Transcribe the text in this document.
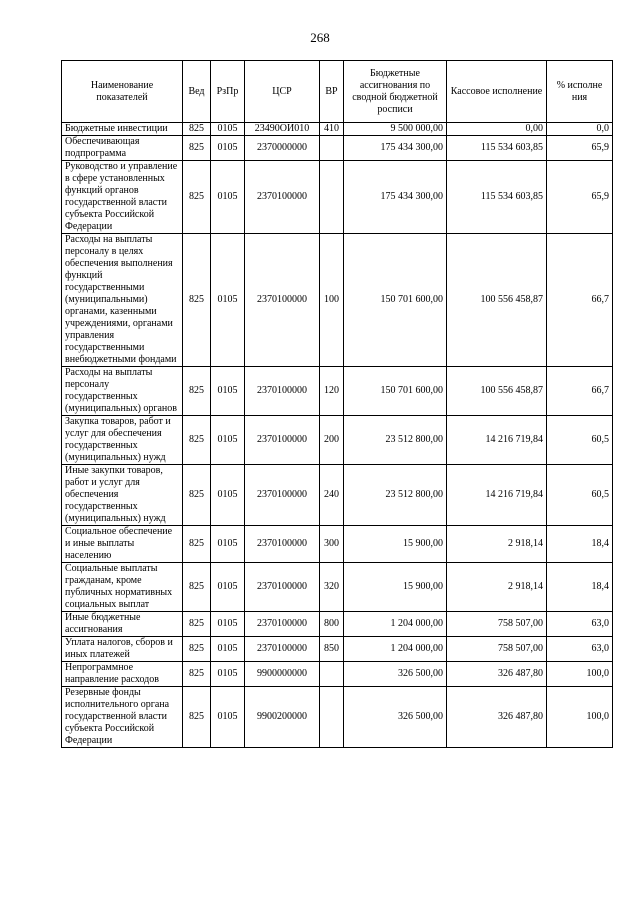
268
Наименование показателей	Вед	РзПр	ЦСР	ВР	Бюджетные ассигнования по сводной бюджетной росписи	Кассовое исполнение	% исполне ния
Бюджетные инвестиции	825	0105	23490ОИ010	410	9 500 000,00	0,00	0,0
Обеспечивающая подпрограмма	825	0105	2370000000		175 434 300,00	115 534 603,85	65,9
Руководство и управление в сфере установленных функций органов государственной власти субъекта Российской Федерации	825	0105	2370100000		175 434 300,00	115 534 603,85	65,9
Расходы на выплаты персоналу в целях обеспечения выполнения функций государственными (муниципальными) органами, казенными учреждениями, органами управления государственными внебюджетными фондами	825	0105	2370100000	100	150 701 600,00	100 556 458,87	66,7
Расходы на выплаты персоналу государственных (муниципальных) органов	825	0105	2370100000	120	150 701 600,00	100 556 458,87	66,7
Закупка товаров, работ и услуг для обеспечения государственных (муниципальных) нужд	825	0105	2370100000	200	23 512 800,00	14 216 719,84	60,5
Иные закупки товаров, работ и услуг для обеспечения государственных (муниципальных) нужд	825	0105	2370100000	240	23 512 800,00	14 216 719,84	60,5
Социальное обеспечение и иные выплаты населению	825	0105	2370100000	300	15 900,00	2 918,14	18,4
Социальные выплаты гражданам, кроме публичных нормативных социальных выплат	825	0105	2370100000	320	15 900,00	2 918,14	18,4
Иные бюджетные ассигнования	825	0105	2370100000	800	1 204 000,00	758 507,00	63,0
Уплата налогов, сборов и иных платежей	825	0105	2370100000	850	1 204 000,00	758 507,00	63,0
Непрограммное направление расходов	825	0105	9900000000		326 500,00	326 487,80	100,0
Резервные фонды исполнительного органа государственной власти субъекта Российской Федерации	825	0105	9900200000		326 500,00	326 487,80	100,0
